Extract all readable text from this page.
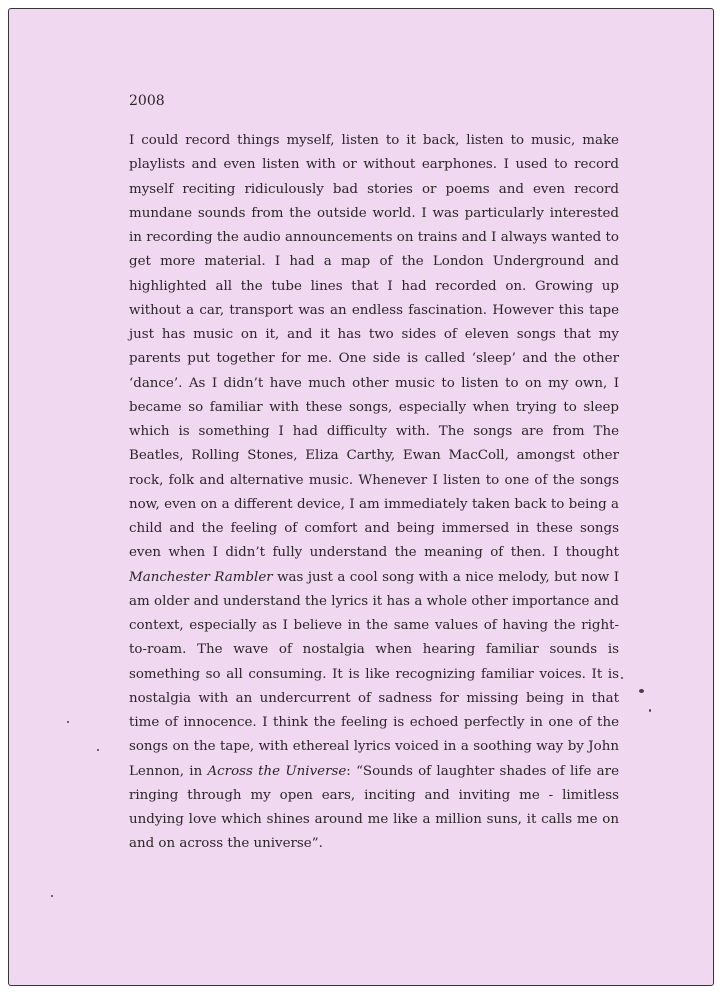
2008

I could record things myself, listen to it back, listen to music, make playlists and even listen with or without earphones. I used to record myself reciting ridiculously bad stories or poems and even record mundane sounds from the outside world. I was particularly interested in recording the audio announcements on trains and I always wanted to get more material. I had a map of the London Underground and highlighted all the tube lines that I had recorded on. Growing up without a car, transport was an endless fascination. However this tape just has music on it, and it has two sides of eleven songs that my parents put together for me. One side is called ‘sleep’ and the other ‘dance’. As I didn’t have much other music to listen to on my own, I became so familiar with these songs, especially when trying to sleep which is something I had difficulty with. The songs are from The Beatles, Rolling Stones, Eliza Carthy, Ewan MacColl, amongst other rock, folk and alternative music. Whenever I listen to one of the songs now, even on a different device, I am immediately taken back to being a child and the feeling of comfort and being immersed in these songs even when I didn’t fully understand the meaning of then. I thought Manchester Rambler was just a cool song with a nice melody, but now I am older and understand the lyrics it has a whole other importance and context, especially as I believe in the same values of having the right-to-roam. The wave of nostalgia when hearing familiar sounds is something so all consuming. It is like recognizing familiar voices. It is nostalgia with an undercurrent of sadness for missing being in that time of innocence. I think the feeling is echoed perfectly in one of the songs on the tape, with ethereal lyrics voiced in a soothing way by John Lennon, in Across the Universe: “Sounds of laughter shades of life are ringing through my open ears, inciting and inviting me - limitless undying love which shines around me like a million suns, it calls me on and on across the universe”.
